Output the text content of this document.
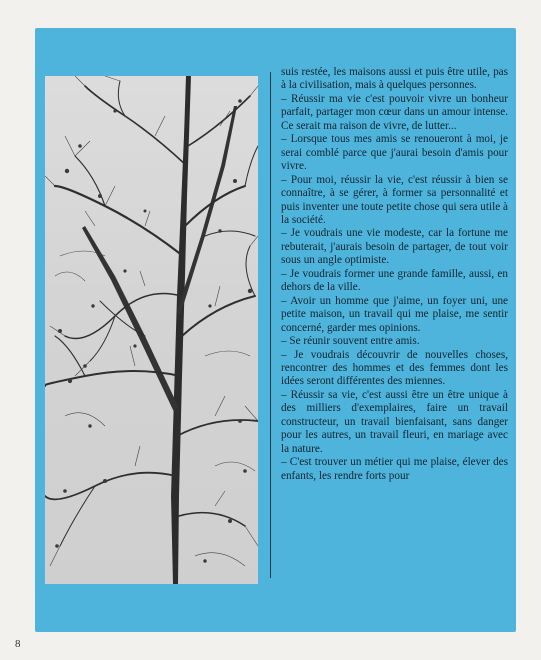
suis restée, les maisons aussi et puis être utile, pas à la civilisation, mais à quelques personnes.

– Réussir ma vie c'est pouvoir vivre un bonheur parfait, partager mon cœur dans un amour intense. Ce serait ma raison de vivre, de lutter...

– Lorsque tous mes amis se renoueront à moi, je serai comblé parce que j'aurai besoin d'amis pour vivre.

– Pour moi, réussir la vie, c'est réussir à bien se connaître, à se gérer, à former sa personnalité et puis inventer une toute petite chose qui sera utile à la société.

– Je voudrais une vie modeste, car la fortune me rebuterait, j'aurais besoin de partager, de tout voir sous un angle optimiste.

– Je voudrais former une grande famille, aussi, en dehors de la ville.

– Avoir un homme que j'aime, un foyer uni, une petite maison, un travail qui me plaise, me sentir concerné, garder mes opinions.

– Se réunir souvent entre amis.

– Je voudrais découvrir de nouvelles choses, rencontrer des hommes et des femmes dont les idées seront différentes des miennes.

– Réussir sa vie, c'est aussi être un être unique à des milliers d'exemplaires, faire un travail constructeur, un travail bienfaisant, sans danger pour les autres, un travail fleuri, en mariage avec la nature.

– C'est trouver un métier qui me plaise, élever des enfants, les rendre forts pour

8
